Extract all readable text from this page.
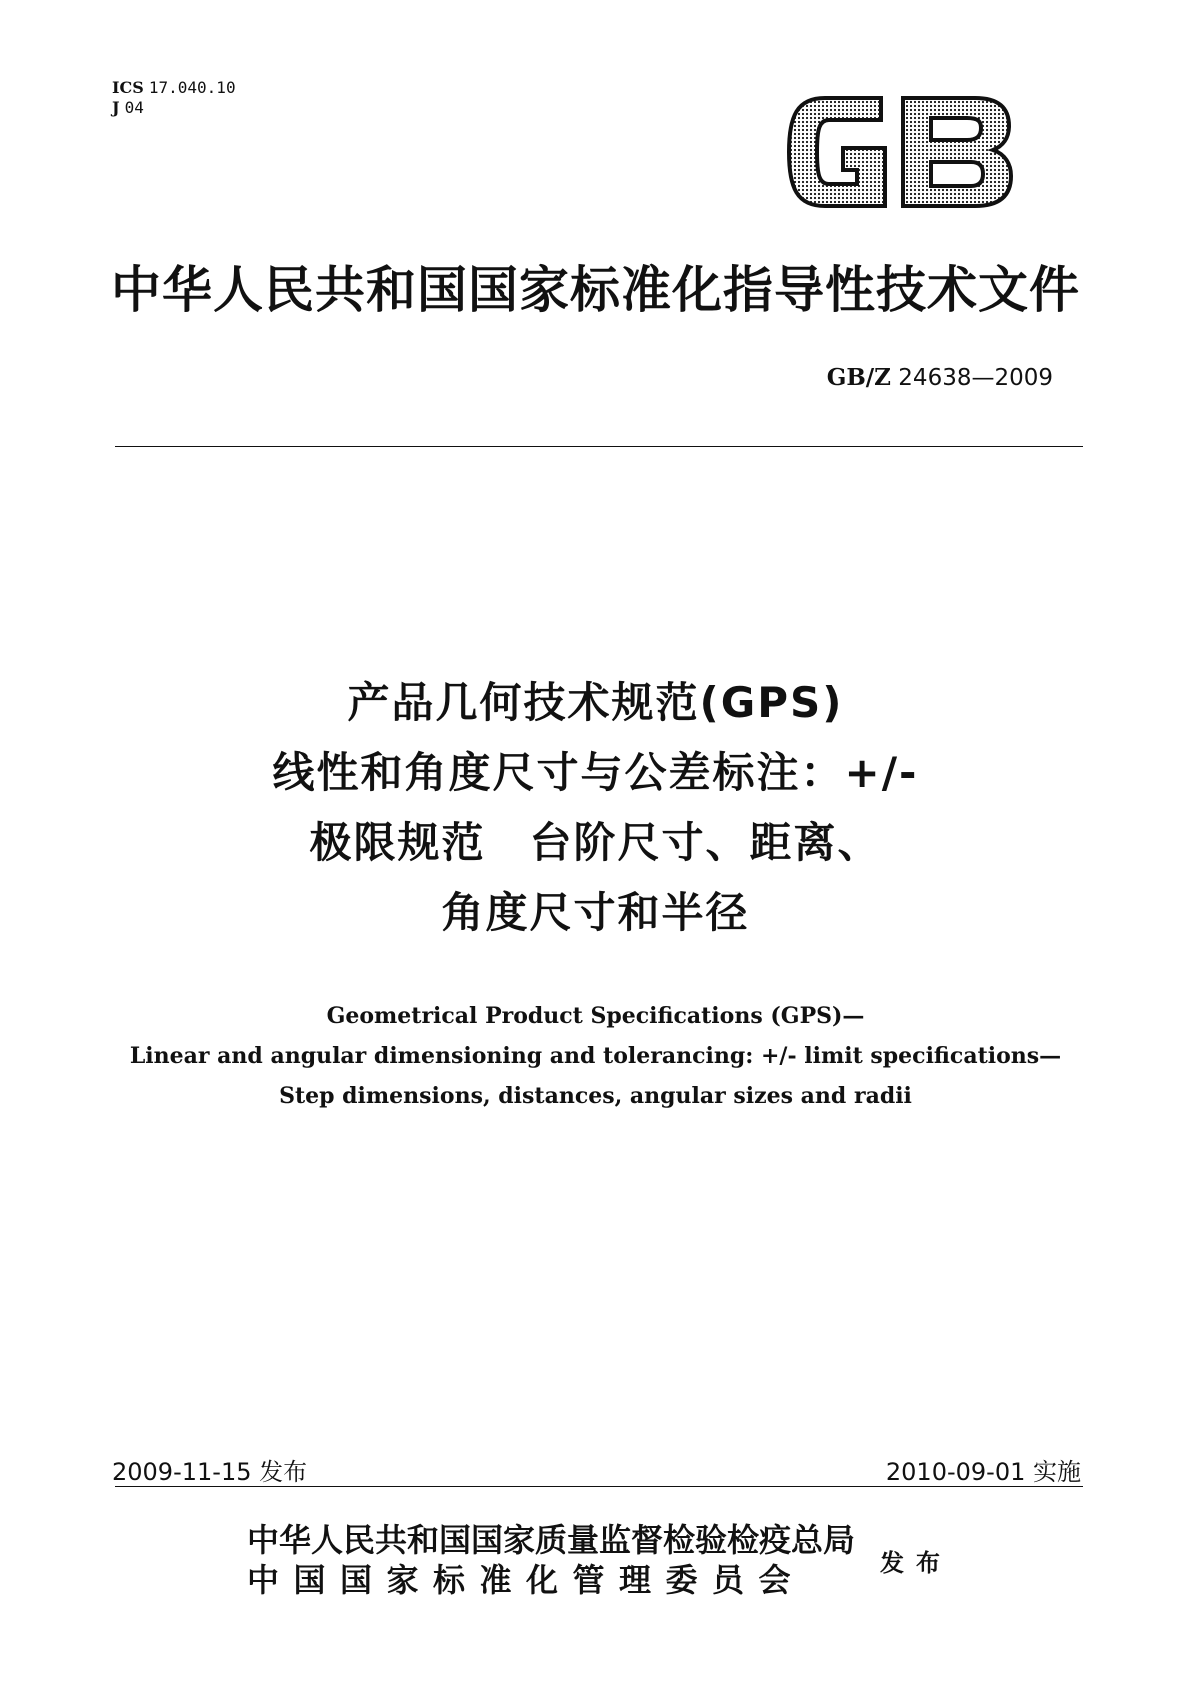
ICS 17.040.10
J 04
中华人民共和国国家标准化指导性技术文件
GB/Z 24638—2009
产品几何技术规范(GPS)
线性和角度尺寸与公差标注：+/-
极限规范　台阶尺寸、距离、
角度尺寸和半径
Geometrical Product Specifications (GPS)—
Linear and angular dimensioning and tolerancing: +/- limit specifications—
Step dimensions, distances, angular sizes and radii
2009-11-15 发布	2010-09-01 实施
中华人民共和国国家质量监督检验检疫总局
中国国家标准化管理委员会	发布
